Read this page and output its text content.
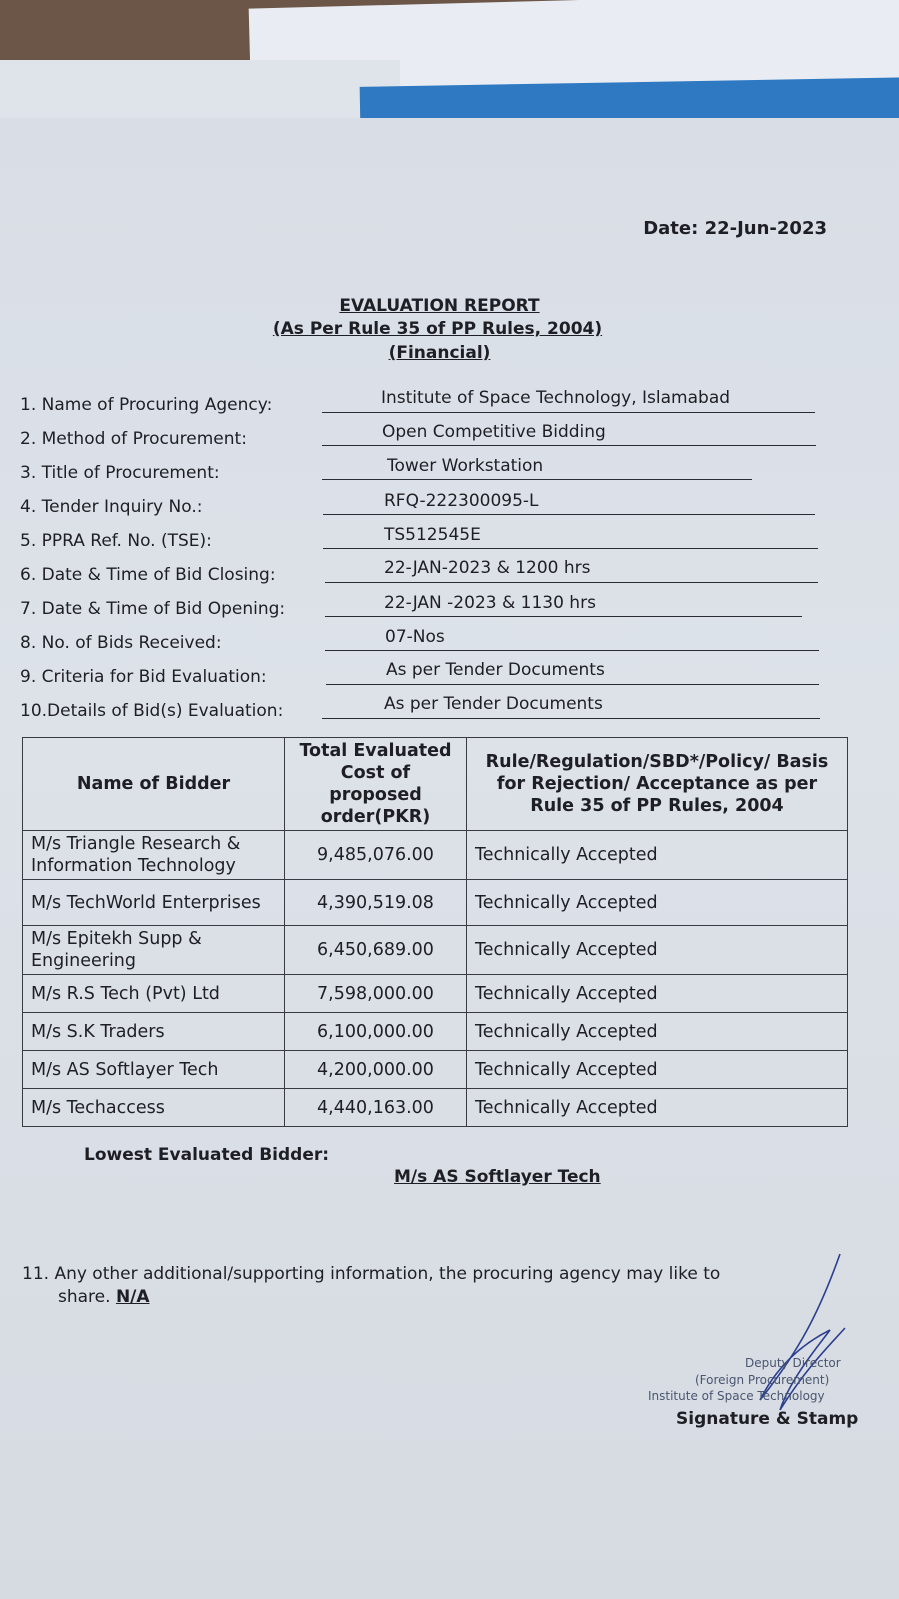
Date: 22-Jun-2023
EVALUATION REPORT
(As Per Rule 35 of PP Rules, 2004)
(Financial)
1. Name of Procuring Agency:	Institute of Space Technology, Islamabad
2. Method of Procurement:	Open Competitive Bidding
3. Title of Procurement:	Tower Workstation
4. Tender Inquiry No.:	RFQ-222300095-L
5. PPRA Ref. No. (TSE):	TS512545E
6. Date & Time of Bid Closing:	22-JAN-2023 & 1200 hrs
7. Date & Time of Bid Opening:	22-JAN -2023 & 1130 hrs
8. No. of Bids Received:	07-Nos
9. Criteria for Bid Evaluation:	As per Tender Documents
10.Details of Bid(s) Evaluation:	As per Tender Documents
Name of Bidder	Total Evaluated Cost of proposed order(PKR)	Rule/Regulation/SBD*/Policy/ Basis for Rejection/ Acceptance as per Rule 35 of PP Rules, 2004
M/s Triangle Research & Information Technology	9,485,076.00	Technically Accepted
M/s TechWorld Enterprises	4,390,519.08	Technically Accepted
M/s Epitekh Supp & Engineering	6,450,689.00	Technically Accepted
M/s R.S Tech (Pvt) Ltd	7,598,000.00	Technically Accepted
M/s S.K Traders	6,100,000.00	Technically Accepted
M/s AS Softlayer Tech	4,200,000.00	Technically Accepted
M/s Techaccess	4,440,163.00	Technically Accepted
Lowest Evaluated Bidder:
M/s AS Softlayer Tech
11. Any other additional/supporting information, the procuring agency may like to
share. N/A
Deputy Director
(Foreign Procurement)
Institute of Space Technology
Signature & Stamp
